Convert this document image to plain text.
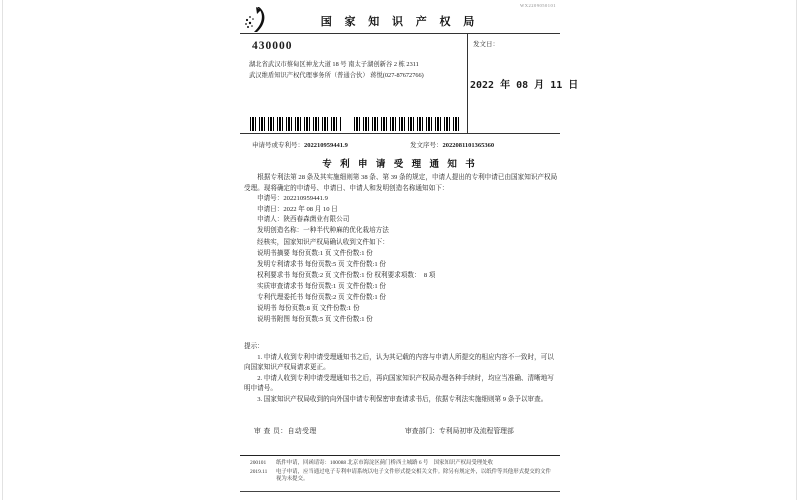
国 家 知 识 产 权 局
WX2209050101
430000
湖北省武汉市蔡甸区神龙大道 18 号 南太子湖创新谷 2 栋 2311
武汉维盾知识产权代理事务所（普通合伙） 蒋悦(027-87672766)
发文日：
2022 年 08 月 11 日
申请号或专利号：202210959441.9	发文序号：2022081101365360
专 利 申 请 受 理 通 知 书

根据专利法第 28 条及其实施细则第 38 条、第 39 条的规定，申请人提出的专利申请已由国家知识产权局受理。现将确定的申请号、申请日、申请人和发明创造名称通知如下：

申请号：202210959441.9
申请日：2022 年 08 月 10 日
申请人：陕西春森菌业有限公司
发明创造名称：一种半代种麻的优化栽培方法
经核实，国家知识产权局确认收到文件如下：
说明书摘要 每份页数:1 页 文件份数:1 份
发明专利请求书 每份页数:5 页 文件份数:1 份
权利要求书 每份页数:2 页 文件份数:1 份 权利要求项数：　8 项
实质审查请求书 每份页数:1 页 文件份数:1 份
专利代理委托书 每份页数:2 页 文件份数:1 份
说明书 每份页数:8 页 文件份数:1 份
说明书附图 每份页数:5 页 文件份数:1 份
提示：

1. 申请人收到专利申请受理通知书之后，认为其记载的内容与申请人所提交的相应内容不一致时，可以向国家知识产权局请求更正。

2. 申请人收到专利申请受理通知书之后，再向国家知识产权局办理各种手续时，均应当准确、清晰地写明申请号。

3. 国家知识产权局收到的向外国申请专利保密审查请求书后，依据专利法实施细则第 9 条予以审查。

审 查 员：自动受理	审查部门：专利局初审及流程管理部
200101	纸件申请，回函请寄：100088 北京市海淀区蓟门桥西土城路 6 号　国家知识产权局受理处收
2019.11	电子申请，应当通过电子专利申请系统以电子文件形式提交相关文件。除另有规定外，以纸件等其他形式提交的文件视为未提交。
